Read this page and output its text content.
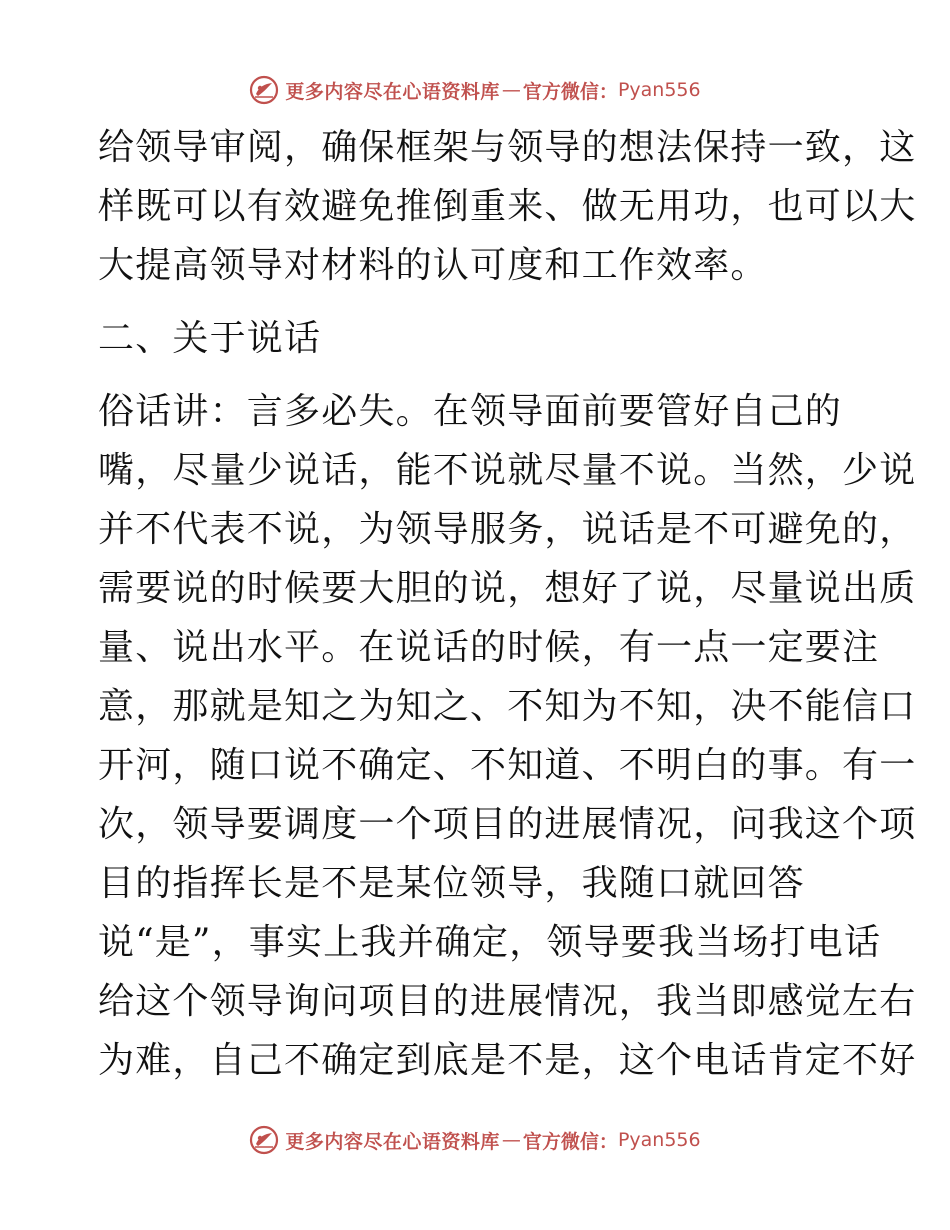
更多内容尽在心语资料库 — 官方微信： Pyan556
给领导审阅，确保框架与领导的想法保持一致，这
样既可以有效避免推倒重来、做无用功，也可以大
大提高领导对材料的认可度和工作效率。
二、关于说话
俗话讲：言多必失。在领导面前要管好自己的
嘴，尽量少说话，能不说就尽量不说。当然，少说
并不代表不说，为领导服务，说话是不可避免的，
需要说的时候要大胆的说，想好了说，尽量说出质
量、说出水平。在说话的时候，有一点一定要注
意，那就是知之为知之、不知为不知，决不能信口
开河，随口说不确定、不知道、不明白的事。有一
次，领导要调度一个项目的进展情况，问我这个项
目的指挥长是不是某位领导，我随口就回答
说“是”，事实上我并确定，领导要我当场打电话
给这个领导询问项目的进展情况，我当即感觉左右
为难，自己不确定到底是不是，这个电话肯定不好
更多内容尽在心语资料库 — 官方微信： Pyan556
